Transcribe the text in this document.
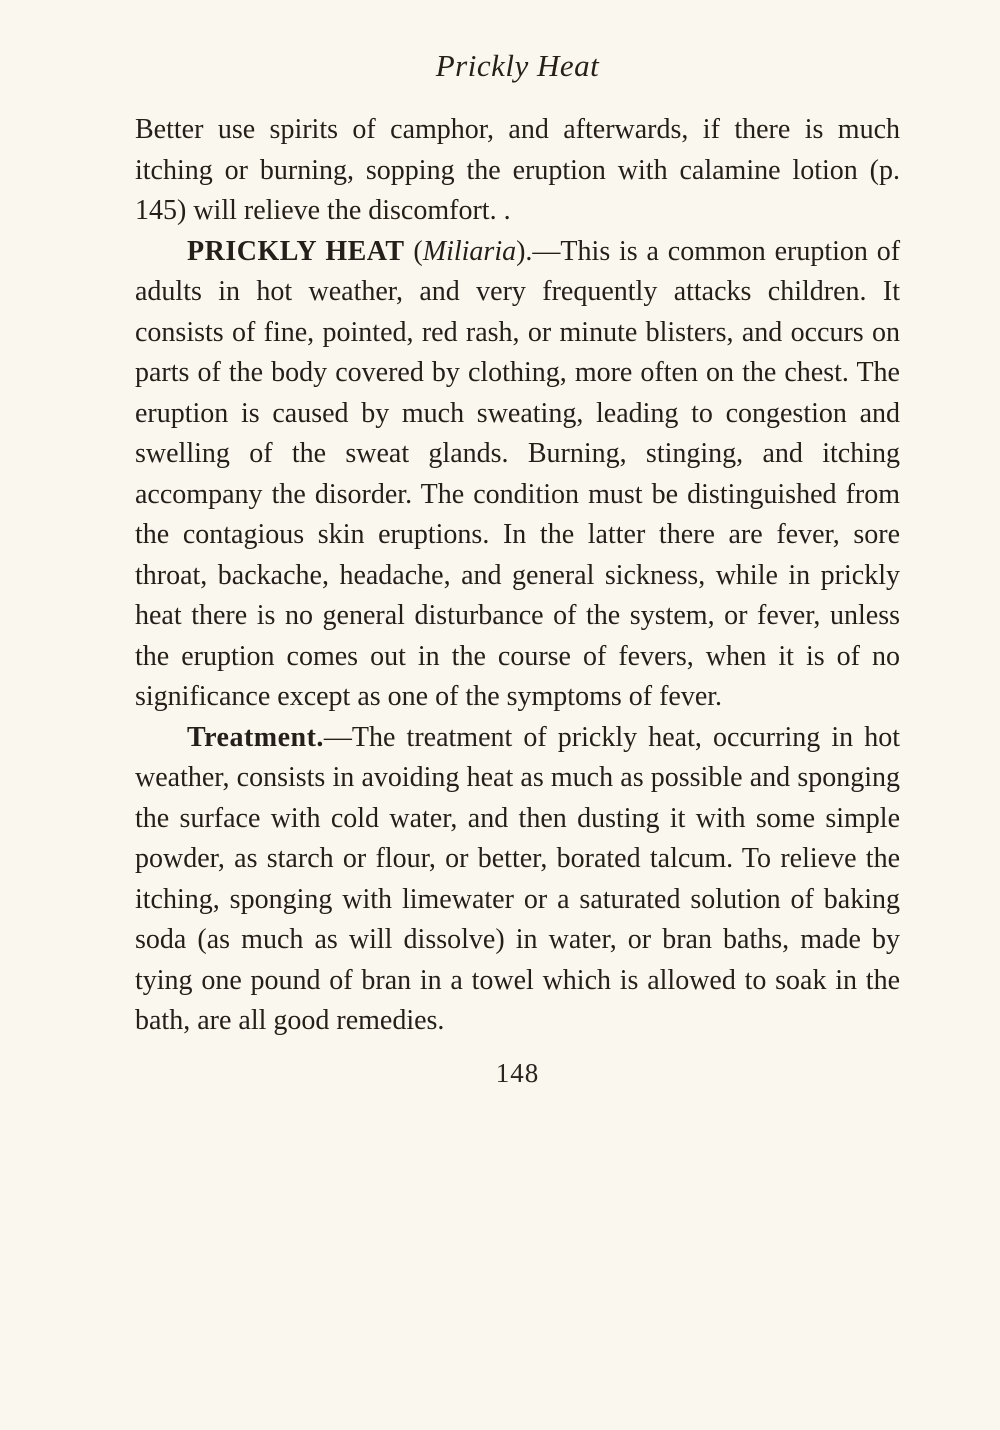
Prickly Heat

Better use spirits of camphor, and afterwards, if there is much itching or burning, sopping the eruption with calamine lotion (p. 145) will relieve the discomfort. .

PRICKLY HEAT (Miliaria).—This is a common eruption of adults in hot weather, and very frequently attacks children. It consists of fine, pointed, red rash, or minute blisters, and occurs on parts of the body covered by clothing, more often on the chest. The eruption is caused by much sweating, leading to congestion and swelling of the sweat glands. Burning, stinging, and itching accompany the disorder. The condition must be distinguished from the contagious skin eruptions. In the latter there are fever, sore throat, backache, headache, and general sickness, while in prickly heat there is no general disturbance of the system, or fever, unless the eruption comes out in the course of fevers, when it is of no significance except as one of the symptoms of fever.

Treatment.—The treatment of prickly heat, occurring in hot weather, consists in avoiding heat as much as possible and sponging the surface with cold water, and then dusting it with some simple powder, as starch or flour, or better, borated talcum. To relieve the itching, sponging with limewater or a saturated solution of baking soda (as much as will dissolve) in water, or bran baths, made by tying one pound of bran in a towel which is allowed to soak in the bath, are all good remedies.

148
